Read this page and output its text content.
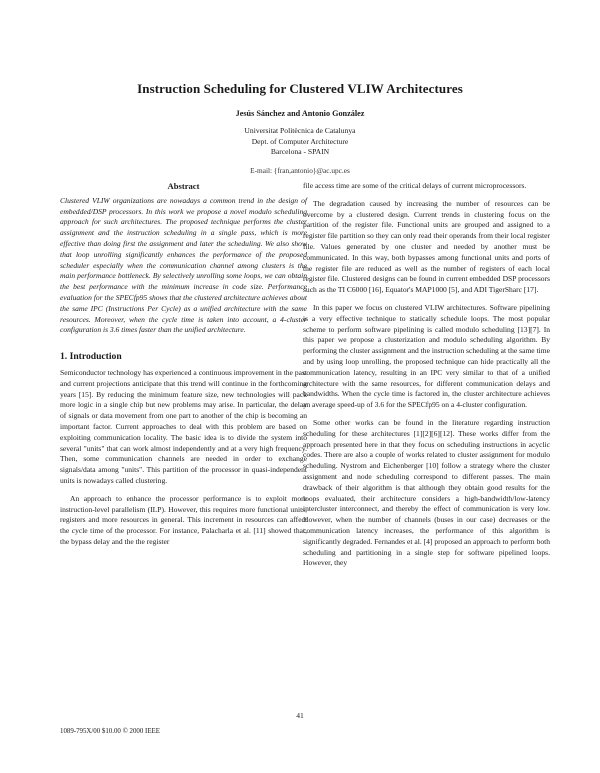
Instruction Scheduling for Clustered VLIW Architectures
Jesús Sánchez and Antonio González
Universitat Politècnica de Catalunya
Dept. of Computer Architecture
Barcelona - SPAIN
E-mail: {fran,antonio}@ac.upc.es

Abstract

Clustered VLIW organizations are nowadays a common trend in the design of embedded/DSP processors. In this work we propose a novel modulo scheduling approach for such architectures. The proposed technique performs the cluster assignment and the instruction scheduling in a single pass, which is more effective than doing first the assignment and later the scheduling. We also show that loop unrolling significantly enhances the performance of the proposed scheduler especially when the communication channel among clusters is the main performance bottleneck. By selectively unrolling some loops, we can obtain the best performance with the minimum increase in code size. Performance evaluation for the SPECfp95 shows that the clustered architecture achieves about the same IPC (Instructions Per Cycle) as a unified architecture with the same resources. Moreover, when the cycle time is taken into account, a 4-cluster configuration is 3.6 times faster than the unified architecture.

1. Introduction

Semiconductor technology has experienced a continuous improvement in the past and current projections anticipate that this trend will continue in the forthcoming years [15]. By reducing the minimum feature size, new technologies will pack more logic in a single chip but new problems may arise. In particular, the delay of signals or data movement from one part to another of the chip is becoming an important factor. Current approaches to deal with this problem are based on exploiting communication locality. The basic idea is to divide the system into several "units" that can work almost independently and at a very high frequency. Then, some communication channels are needed in order to exchange signals/data among "units". This partition of the processor in quasi-independent units is nowadays called clustering.

An approach to enhance the processor performance is to exploit more instruction-level parallelism (ILP). However, this requires more functional units, registers and more resources in general. This increment in resources can affect the cycle time of the processor. For instance, Palacharla et al. [11] showed that, the bypass delay and the the register

file access time are some of the critical delays of current microprocessors.

The degradation caused by increasing the number of resources can be overcome by a clustered design. Current trends in clustering focus on the partition of the register file. Functional units are grouped and assigned to a register file partition so they can only read their operands from their local register file. Values generated by one cluster and needed by another must be communicated. In this way, both bypasses among functional units and ports of the register file are reduced as well as the number of registers of each local register file. Clustered designs can be found in current embedded DSP processors such as the TI C6000 [16], Equator's MAP1000 [5], and ADI TigerSharc [17].

In this paper we focus on clustered VLIW architectures. Software pipelining is a very effective technique to statically schedule loops. The most popular scheme to perform software pipelining is called modulo scheduling [13][7]. In this paper we propose a clusterization and modulo scheduling algorithm. By performing the cluster assignment and the instruction scheduling at the same time and by using loop unrolling, the proposed technique can hide practically all the communication latency, resulting in an IPC very similar to that of a unified architecture with the same resources, for different communication delays and bandwidths. When the cycle time is factored in, the cluster architecture achieves an average speed-up of 3.6 for the SPECfp95 on a 4-cluster configuration.

Some other works can be found in the literature regarding instruction scheduling for these architectures [1][2][6][12]. These works differ from the approach presented here in that they focus on scheduling instructions in acyclic codes. There are also a couple of works related to cluster assignment for modulo scheduling. Nystrom and Eichenberger [10] follow a strategy where the cluster assignment and node scheduling correspond to different passes. The main drawback of their algorithm is that although they obtain good results for the loops evaluated, their architecture considers a high-bandwidth/low-latency intercluster interconnect, and thereby the effect of communication is very low. However, when the number of channels (buses in our case) decreases or the communication latency increases, the performance of this algorithm is significantly degraded. Fernandes et al. [4] proposed an approach to perform both scheduling and partitioning in a single step for software pipelined loops. However, they

41
1089-795X/00 $10.00 © 2000 IEEE
